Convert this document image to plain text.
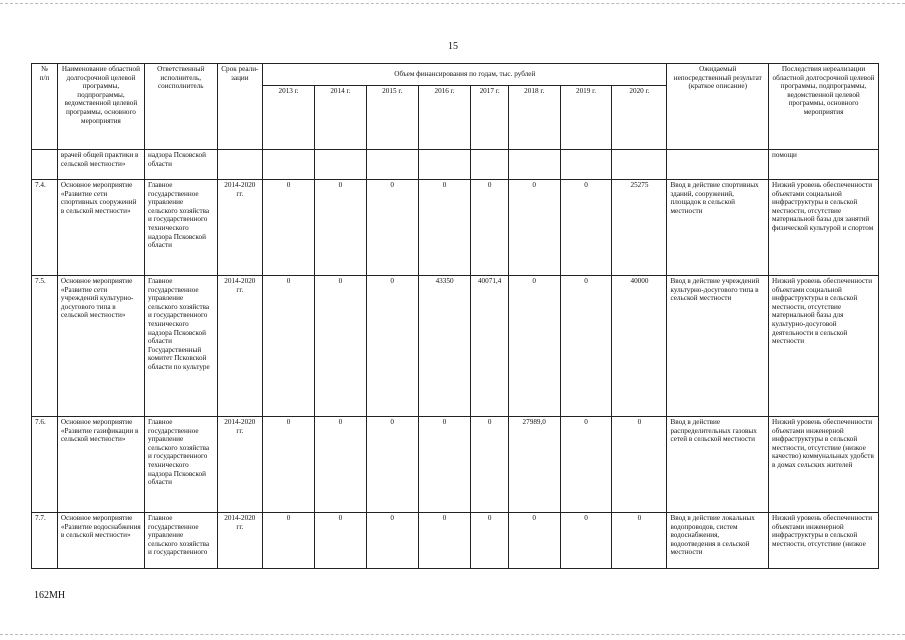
15
№
п/п	Наименование областной долгосрочной целевой программы, подпрограммы, ведомственной целевой программы, основного мероприятия	Ответственный исполнитель, соисполнитель	Срок реали-зации	Объем финансирования по годам, тыс. рублей								Ожидаемый непосредственный результат (краткое описание)	Последствия нереализации областной долгосрочной целевой программы, подпрограммы, ведомственной целевой программы, основного мероприятия
				2013 г.	2014 г.	2015 г.	2016 г.	2017 г.	2018 г.	2019 г.	2020 г.		
	врачей общей практики в сельской местности»	надзора Псковской области											помощи
7.4.	Основное мероприятие «Развитие сети спортивных сооружений в сельской местности»	Главное государственное управление сельского хозяйства и государственного технического надзора Псковской области	2014-2020 гг.	0	0	0	0	0	0	0	25275	Ввод в действие спортивных зданий, сооружений, площадок в сельской местности	Низкий уровень обеспеченности объектами социальной инфраструктуры в сельской местности, отсутствие материальной базы для занятий физической культурой и спортом
7.5.	Основное мероприятие «Развитие сети учреждений культурно-досугового типа в сельской местности»	Главное государственное управление сельского хозяйства и государственного технического надзора Псковской области Государственный комитет Псковской области по культуре	2014-2020 гг.	0	0	0	43350	40071,4	0	0	40000	Ввод в действие учреждений культурно-досугового типа в сельской местности	Низкий уровень обеспеченности объектами социальной инфраструктуры в сельской местности, отсутствие материальной базы для культурно-досуговой деятельности в сельской местности
7.6.	Основное мероприятие «Развитие газификации в сельской местности»	Главное государственное управление сельского хозяйства и государственного технического надзора Псковской области	2014-2020 гг.	0	0	0	0	0	27989,0	0	0	Ввод в действие распределительных газовых сетей в сельской местности	Низкий уровень обеспеченности объектами инженерной инфраструктуры в сельской местности, отсутствие (низкое качество) коммунальных удобств в домах сельских жителей
7.7.	Основное мероприятие «Развитие водоснабжения в сельской местности»	Главное государственное управление сельского хозяйства и государственного	2014-2020 гг.	0	0	0	0	0	0	0	0	Ввод в действие локальных водопроводов, систем водоснабжения, водоотведения в сельской местности	Низкий уровень обеспеченности объектами инженерной инфраструктуры в сельской местности, отсутствие (низкое
162МН
